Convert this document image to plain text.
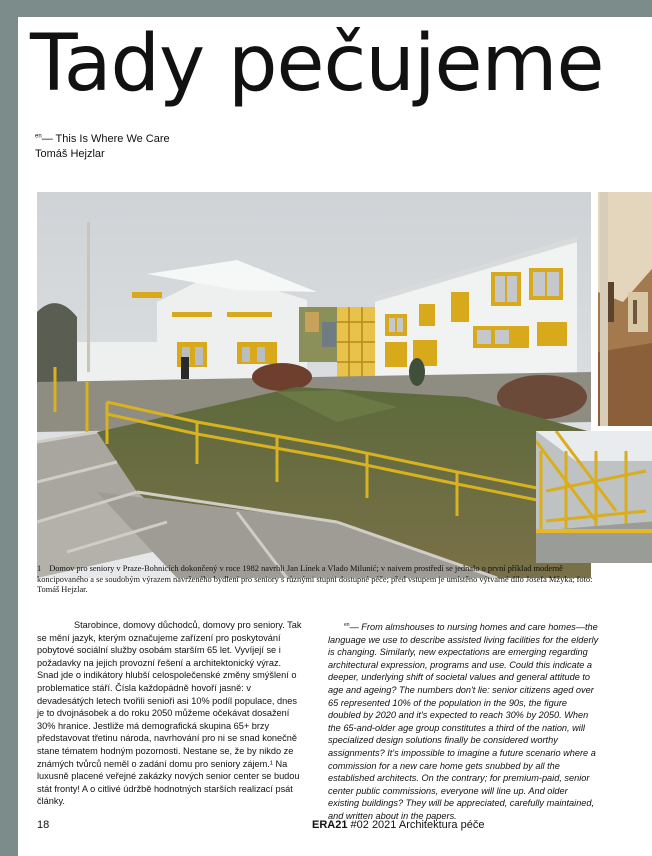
Tady pečujeme
$^{en}$— This Is Where We Care
Tomáš Hejzlar
1 Domov pro seniory v Praze-Bohnicích dokončený v roce 1982 navrhli Jan Línek a Vlado Milunić; v naivem prostředí se jednalo o první příklad moderně koncipovaného a se soudobým výrazem navrženého bydlení pro seniory s různými stupni dostupné péče; před vstupem je umístěno výtvarné dílo Josefa Mžyka; foto: Tomáš Hejzlar.
Starobince, domovy důchodců, domovy pro seniory. Tak se mění jazyk, kterým označujeme zařízení pro poskytování pobytové sociální služby osobám starším 65 let. Vyvíjejí se i požadavky na jejich provozní řešení a architektonický výraz. Snad jde o indikátory hlubší celospolečenské změny smýšlení o problematice stáří. Čísla každopádně hovoří jasně: v devadesátých letech tvořili senioři asi 10% podíl populace, dnes je to dvojnásobek a do roku 2050 můžeme očekávat dosažení 30% hranice. Jestliže má demografická skupina 65+ brzy představovat třetinu národa, navrhování pro ni se snad konečně stane tématem hodným pozornosti. Nestane se, že by nikdo ze známých tvůrců neměl o zadání domu pro seniory zájem.¹ Na luxusně placené veřejné zakázky nových senior center se budou stát fronty! A o citlivé údržbě hodnotných starších realizací psát články.
$^{en}$— From almshouses to nursing homes and care homes—the language we use to describe assisted living facilities for the elderly is changing. Similarly, new expectations are emerging regarding architectural expression, programs and use. Could this indicate a deeper, underlying shift of societal values and general attitude to age and ageing? The numbers don't lie: senior citizens aged over 65 represented 10% of the population in the 90s, the figure doubled by 2020 and it's expected to reach 30% by 2050. When the 65-and-older age group constitutes a third of the nation, will specialized design solutions finally be considered worthy assignments? It's impossible to imagine a future scenario where a commission for a new care home gets snubbed by all the established architects. On the contrary; for premium-paid, senior center public commissions, everyone will line up. And older existing buildings? They will be appreciated, carefully maintained, and written about in the papers.
18	ERA21 #02 2021 Architektura péče
